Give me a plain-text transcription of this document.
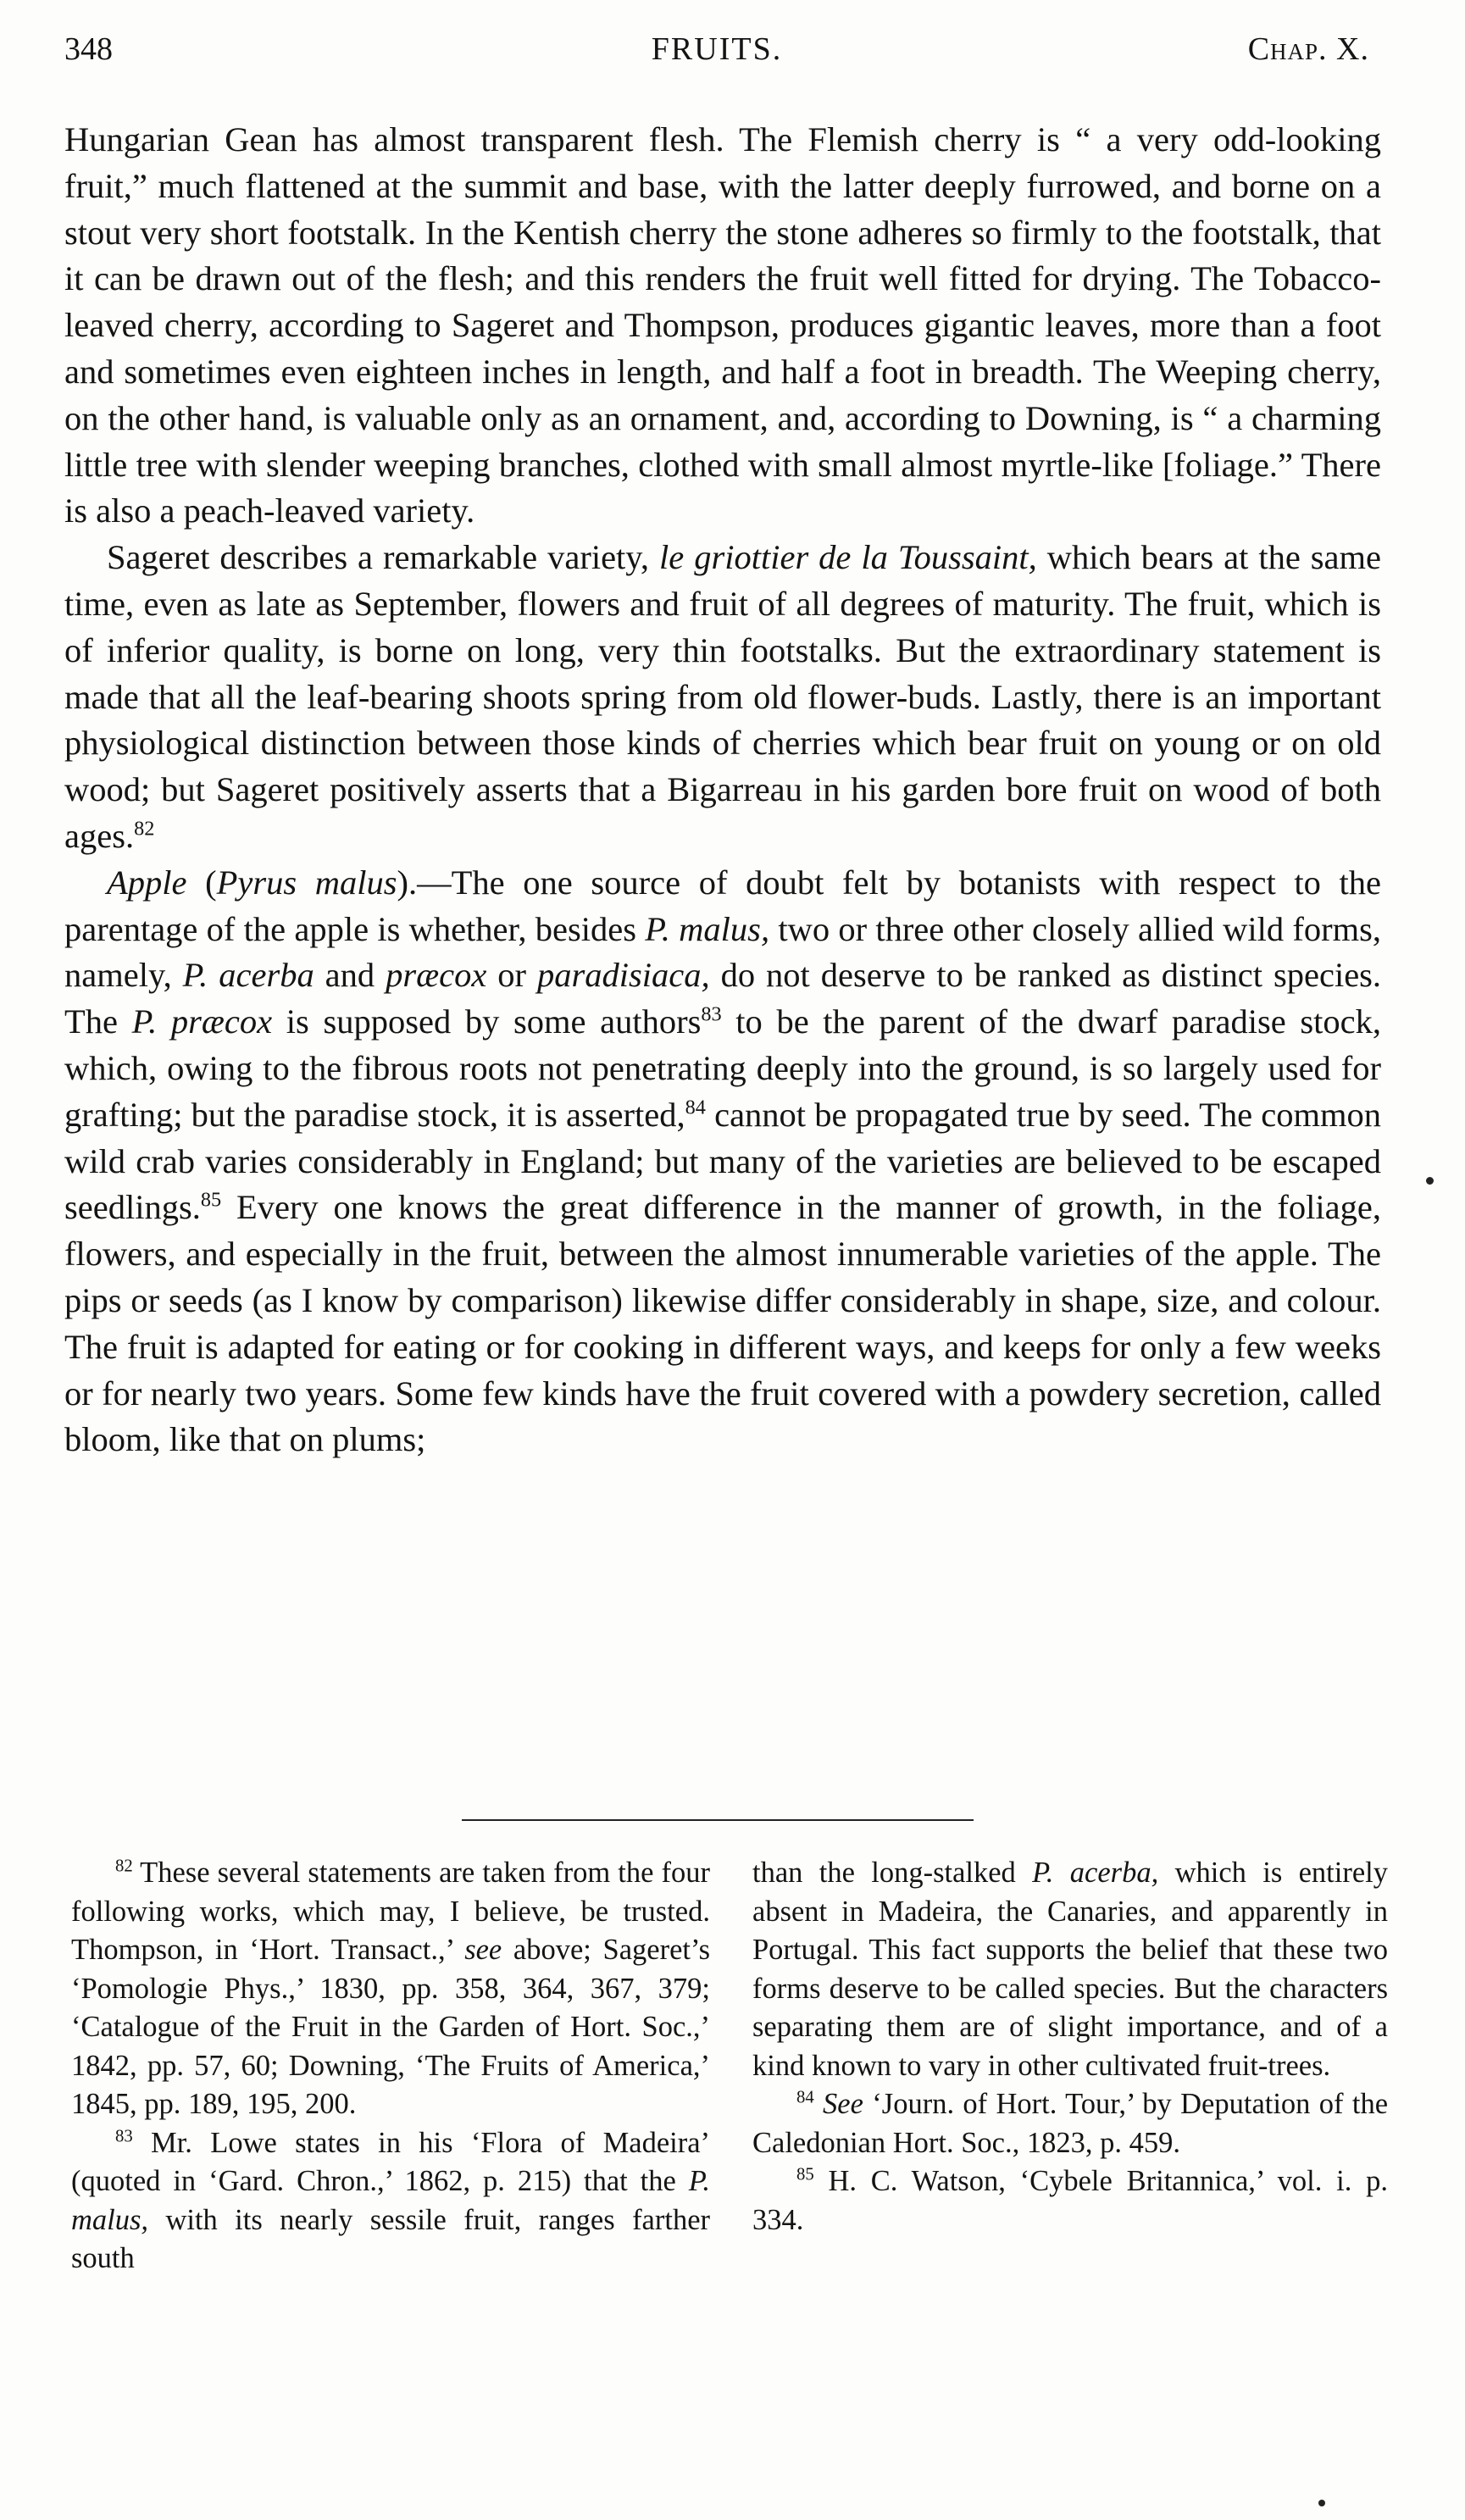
348	FRUITS.	Chap. X.

Hungarian Gean has almost transparent flesh. The Flemish cherry is “ a very odd-looking fruit,” much flattened at the summit and base, with the latter deeply furrowed, and borne on a stout very short footstalk. In the Kentish cherry the stone adheres so firmly to the footstalk, that it can be drawn out of the flesh; and this renders the fruit well fitted for drying. The Tobacco-leaved cherry, according to Sageret and Thompson, produces gigantic leaves, more than a foot and sometimes even eighteen inches in length, and half a foot in breadth. The Weeping cherry, on the other hand, is valuable only as an ornament, and, according to Downing, is “ a charming little tree with slender weeping branches, clothed with small almost myrtle-like [foliage.” There is also a peach-leaved variety.

Sageret describes a remarkable variety, le griottier de la Toussaint, which bears at the same time, even as late as September, flowers and fruit of all degrees of maturity. The fruit, which is of inferior quality, is borne on long, very thin footstalks. But the extraordinary statement is made that all the leaf-bearing shoots spring from old flower-buds. Lastly, there is an important physiological distinction between those kinds of cherries which bear fruit on young or on old wood; but Sageret positively asserts that a Bigarreau in his garden bore fruit on wood of both ages.$^{82}$

Apple (Pyrus malus).—The one source of doubt felt by botanists with respect to the parentage of the apple is whether, besides P. malus, two or three other closely allied wild forms, namely, P. acerba and præcox or paradisiaca, do not deserve to be ranked as distinct species. The P. præcox is supposed by some authors$^{83}$ to be the parent of the dwarf paradise stock, which, owing to the fibrous roots not penetrating deeply into the ground, is so largely used for grafting; but the paradise stock, it is asserted,$^{84}$ cannot be propagated true by seed. The common wild crab varies considerably in England; but many of the varieties are believed to be escaped seedlings.$^{85}$ Every one knows the great difference in the manner of growth, in the foliage, flowers, and especially in the fruit, between the almost innumerable varieties of the apple. The pips or seeds (as I know by comparison) likewise differ considerably in shape, size, and colour. The fruit is adapted for eating or for cooking in different ways, and keeps for only a few weeks or for nearly two years. Some few kinds have the fruit covered with a powdery secretion, called bloom, like that on plums;

$^{82}$ These several statements are taken from the four following works, which may, I believe, be trusted. Thompson, in ‘Hort. Transact.,’ see above; Sageret’s ‘Pomologie Phys.,’ 1830, pp. 358, 364, 367, 379; ‘Catalogue of the Fruit in the Garden of Hort. Soc.,’ 1842, pp. 57, 60; Downing, ‘The Fruits of America,’ 1845, pp. 189, 195, 200.

$^{83}$ Mr. Lowe states in his ‘Flora of Madeira’ (quoted in ‘Gard. Chron.,’ 1862, p. 215) that the P. malus, with its nearly sessile fruit, ranges farther south

than the long-stalked P. acerba, which is entirely absent in Madeira, the Canaries, and apparently in Portugal. This fact supports the belief that these two forms deserve to be called species. But the characters separating them are of slight importance, and of a kind known to vary in other cultivated fruit-trees.

$^{84}$ See ‘Journ. of Hort. Tour,’ by Deputation of the Caledonian Hort. Soc., 1823, p. 459.

$^{85}$ H. C. Watson, ‘Cybele Britannica,’ vol. i. p. 334.
